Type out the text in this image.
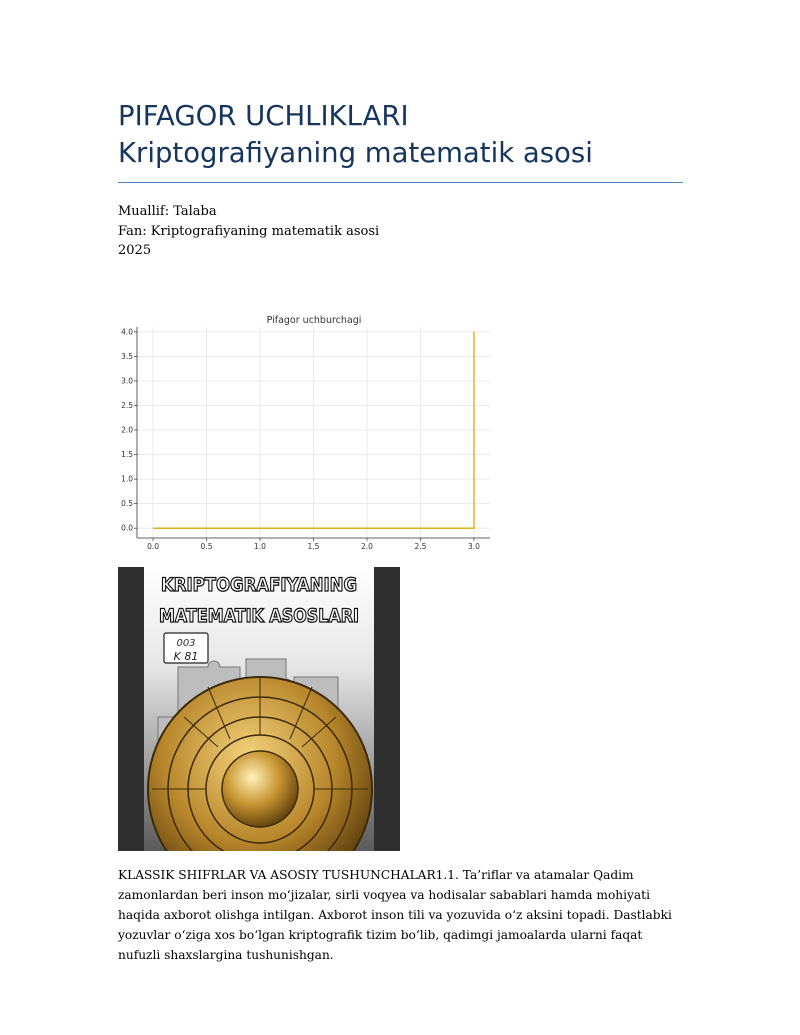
PIFAGOR UCHLIKLARI
Kriptografiyaning matematik asosi
Muallif: Talaba
Fan: Kriptografiyaning matematik asosi
2025
Pifagor uchburchagi
0.0	0.5	1.0	1.5	2.0	2.5	3.0
0.0
0.5
1.0
1.5
2.0
2.5
3.0
3.5
4.0
003
K 81
KRIPTOGRAFIYANING
MATEMATIK ASOSLARI
KLASSIK SHIFRLAR VA ASOSIY TUSHUNCHALAR1.1. Ta’riflar va atamalar Qadim zamonlardan beri inson mo‘jizalar, sirli voqyea va hodisalar sabablari hamda mohiyati haqida axborot olishga intilgan. Axborot inson tili va yozuvida o‘z aksini topadi. Dastlabki yozuvlar o‘ziga xos bo‘lgan kriptografik tizim bo‘lib, qadimgi jamoalarda ularni faqat nufuzli shaxslargina tushunishgan.
